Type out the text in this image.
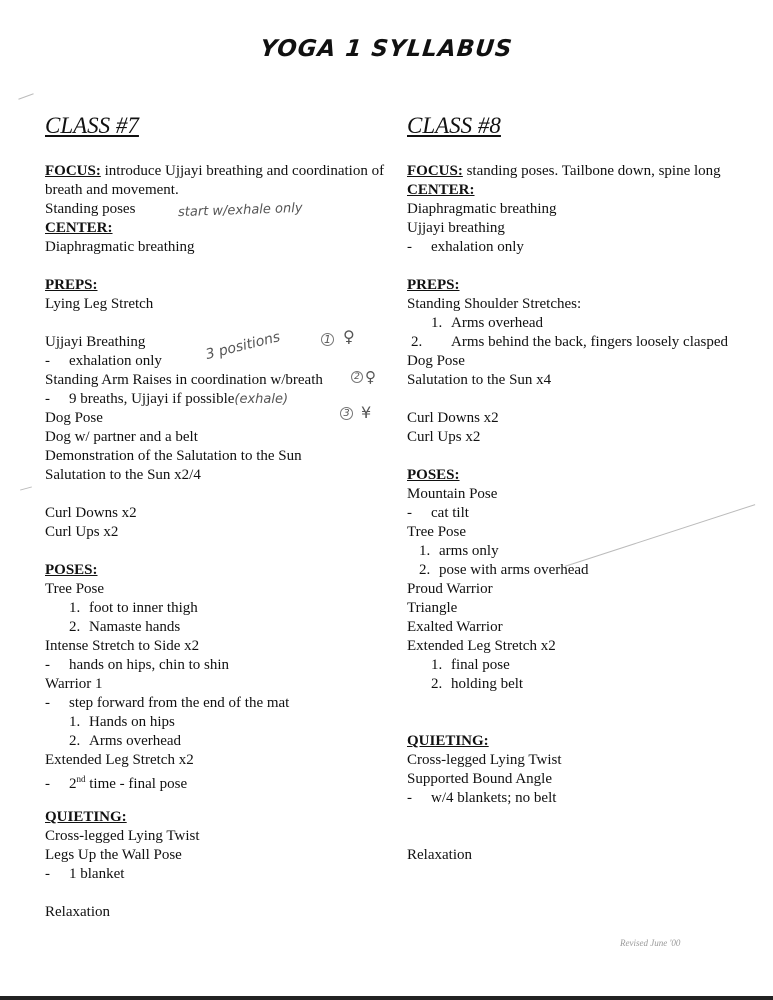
YOGA 1 SYLLABUS
CLASS #7
FOCUS: introduce Ujjayi breathing and coordination of breath and movement.
Standing poses	start w/exhale only
CENTER:
Diaphragmatic breathing
PREPS:
Lying Leg Stretch
Ujjayi Breathing	3 positions	1 ♀
- exhalation only
Standing Arm Raises in coordination w/breath	2 ♀
- 9 breaths, Ujjayi if possible(exhale)
Dog Pose	3 ¥
Dog w/ partner and a belt
Demonstration of the Salutation to the Sun
Salutation to the Sun x2/4
Curl Downs x2
Curl Ups x2
POSES:
Tree Pose
1. foot to inner thigh
2. Namaste hands
Intense Stretch to Side x2
- hands on hips, chin to shin
Warrior 1
- step forward from the end of the mat
1. Hands on hips
2. Arms overhead
Extended Leg Stretch x2
- 2nd time - final pose
QUIETING:
Cross-legged Lying Twist
Legs Up the Wall Pose
- 1 blanket
Relaxation
CLASS #8
FOCUS: standing poses. Tailbone down, spine long
CENTER:
Diaphragmatic breathing
Ujjayi breathing
- exhalation only
PREPS:
Standing Shoulder Stretches:
1. Arms overhead
2. Arms behind the back, fingers loosely clasped
Dog Pose
Salutation to the Sun x4
Curl Downs x2
Curl Ups x2
POSES:
Mountain Pose
- cat tilt
Tree Pose
1. arms only
2. pose with arms overhead
Proud Warrior
Triangle
Exalted Warrior
Extended Leg Stretch x2
1. final pose
2. holding belt
QUIETING:
Cross-legged Lying Twist
Supported Bound Angle
- w/4 blankets; no belt
Relaxation
Revised June '00
